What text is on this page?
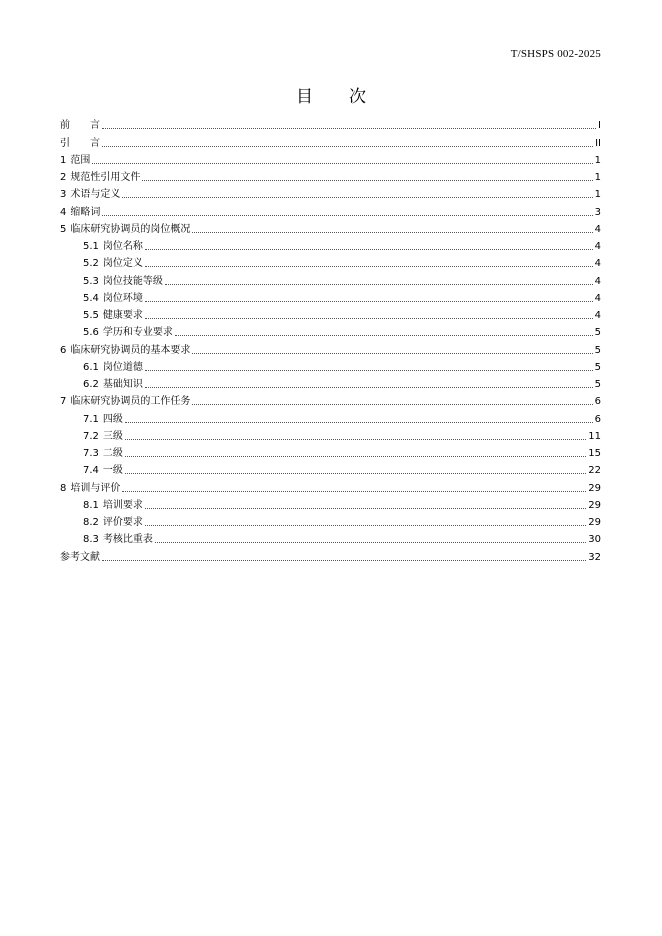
T/SHSPS 002-2025
目 次
前　　言	I
引　　言	II
1 范围	1
2 规范性引用文件	1
3 术语与定义	1
4 缩略词	3
5 临床研究协调员的岗位概况	4
5.1 岗位名称	4
5.2 岗位定义	4
5.3 岗位技能等级	4
5.4 岗位环境	4
5.5 健康要求	4
5.6 学历和专业要求	5
6 临床研究协调员的基本要求	5
6.1 岗位道德	5
6.2 基础知识	5
7 临床研究协调员的工作任务	6
7.1 四级	6
7.2 三级	11
7.3 二级	15
7.4 一级	22
8 培训与评价	29
8.1 培训要求	29
8.2 评价要求	29
8.3 考核比重表	30
参考文献	32
